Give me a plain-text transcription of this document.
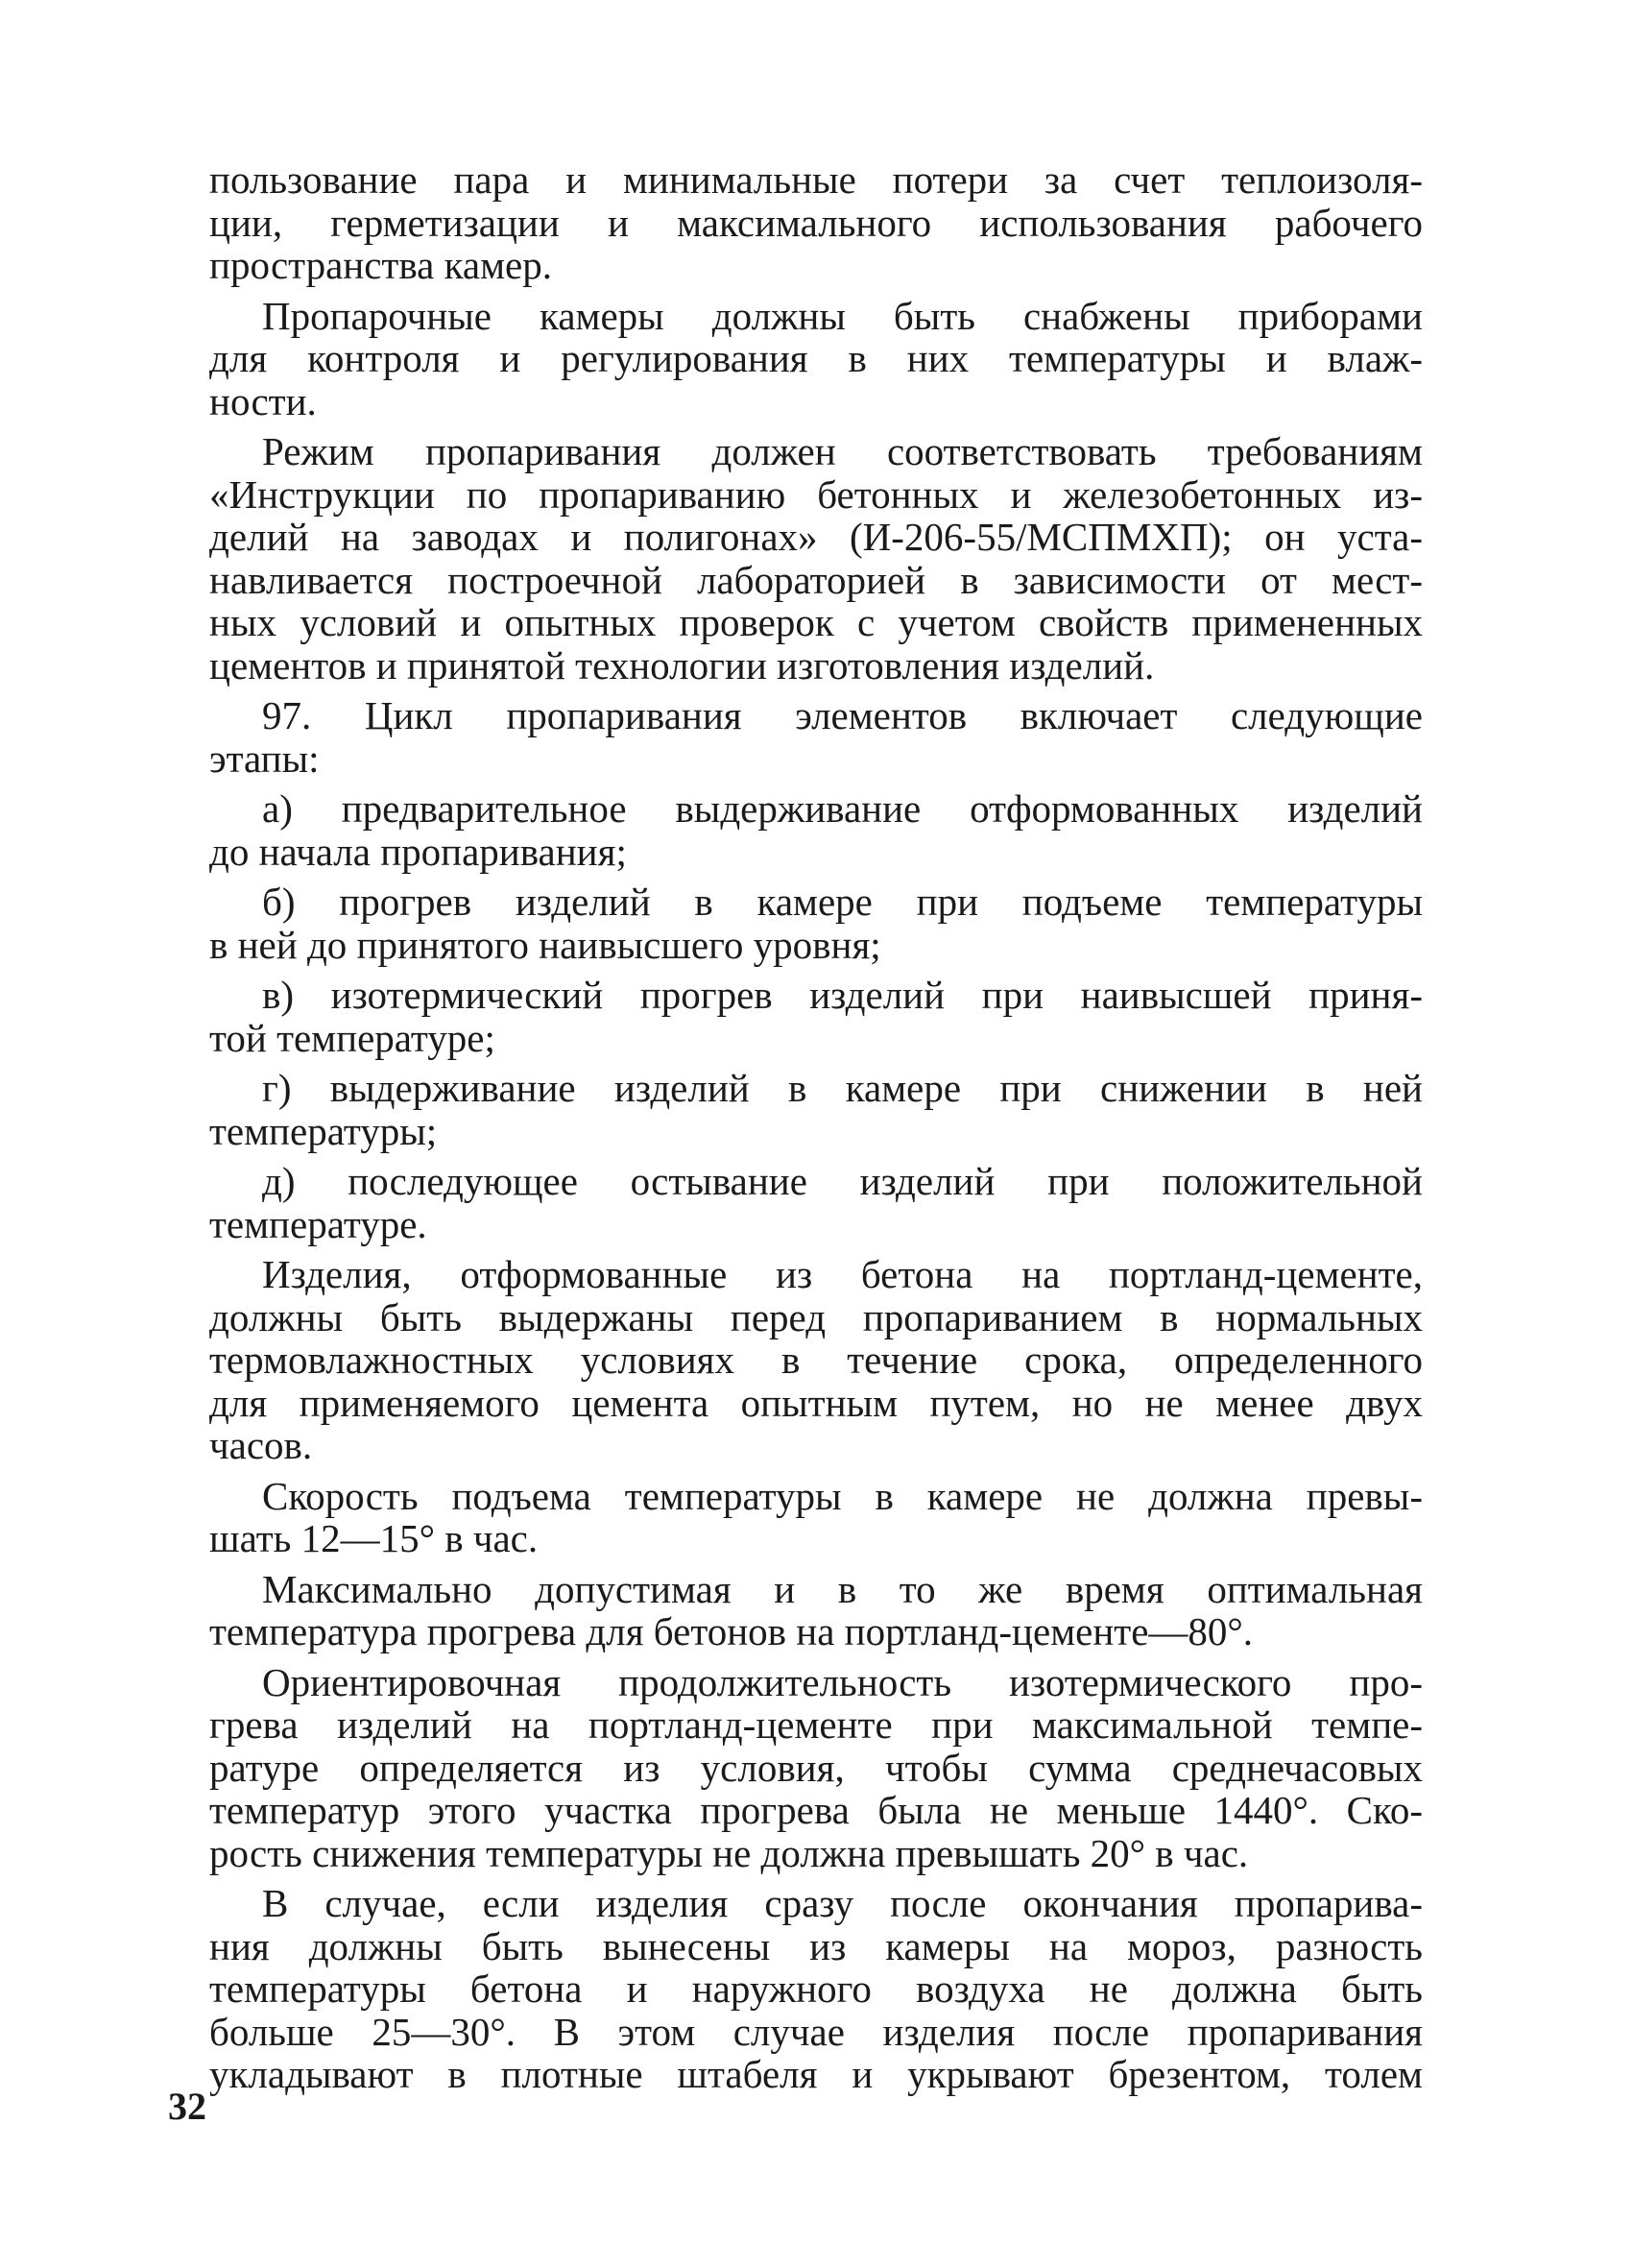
пользование пара и минимальные потери за счет теплоизоля-
ции, герметизации и максимального использования рабочего
пространства камер.

Пропарочные камеры должны быть снабжены приборами
для контроля и регулирования в них температуры и влаж-
ности.

Режим пропаривания должен соответствовать требованиям
«Инструкции по пропариванию бетонных и железобетонных из-
делий на заводах и полигонах» (И-206-55/МСПМХП); он уста-
навливается построечной лабораторией в зависимости от мест-
ных условий и опытных проверок с учетом свойств примененных
цементов и принятой технологии изготовления изделий.

97. Цикл пропаривания элементов включает следующие
этапы:

а) предварительное выдерживание отформованных изделий
до начала пропаривания;

б) прогрев изделий в камере при подъеме температуры
в ней до принятого наивысшего уровня;

в) изотермический прогрев изделий при наивысшей приня-
той температуре;

г) выдерживание изделий в камере при снижении в ней
температуры;

д) последующее остывание изделий при положительной
температуре.

Изделия, отформованные из бетона на портланд-цементе,
должны быть выдержаны перед пропариванием в нормальных
термовлажностных условиях в течение срока, определенного
для применяемого цемента опытным путем, но не менее двух
часов.

Скорость подъема температуры в камере не должна превы-
шать 12—15° в час.

Максимально допустимая и в то же время оптимальная
температура прогрева для бетонов на портланд-цементе—80°.

Ориентировочная продолжительность изотермического про-
грева изделий на портланд-цементе при максимальной темпе-
ратуре определяется из условия, чтобы сумма среднечасовых
температур этого участка прогрева была не меньше 1440°. Ско-
рость снижения температуры не должна превышать 20° в час.

В случае, если изделия сразу после окончания пропарива-
ния должны быть вынесены из камеры на мороз, разность
температуры бетона и наружного воздуха не должна быть
больше 25—30°. В этом случае изделия после пропаривания
укладывают в плотные штабеля и укрывают брезентом, толем

32
